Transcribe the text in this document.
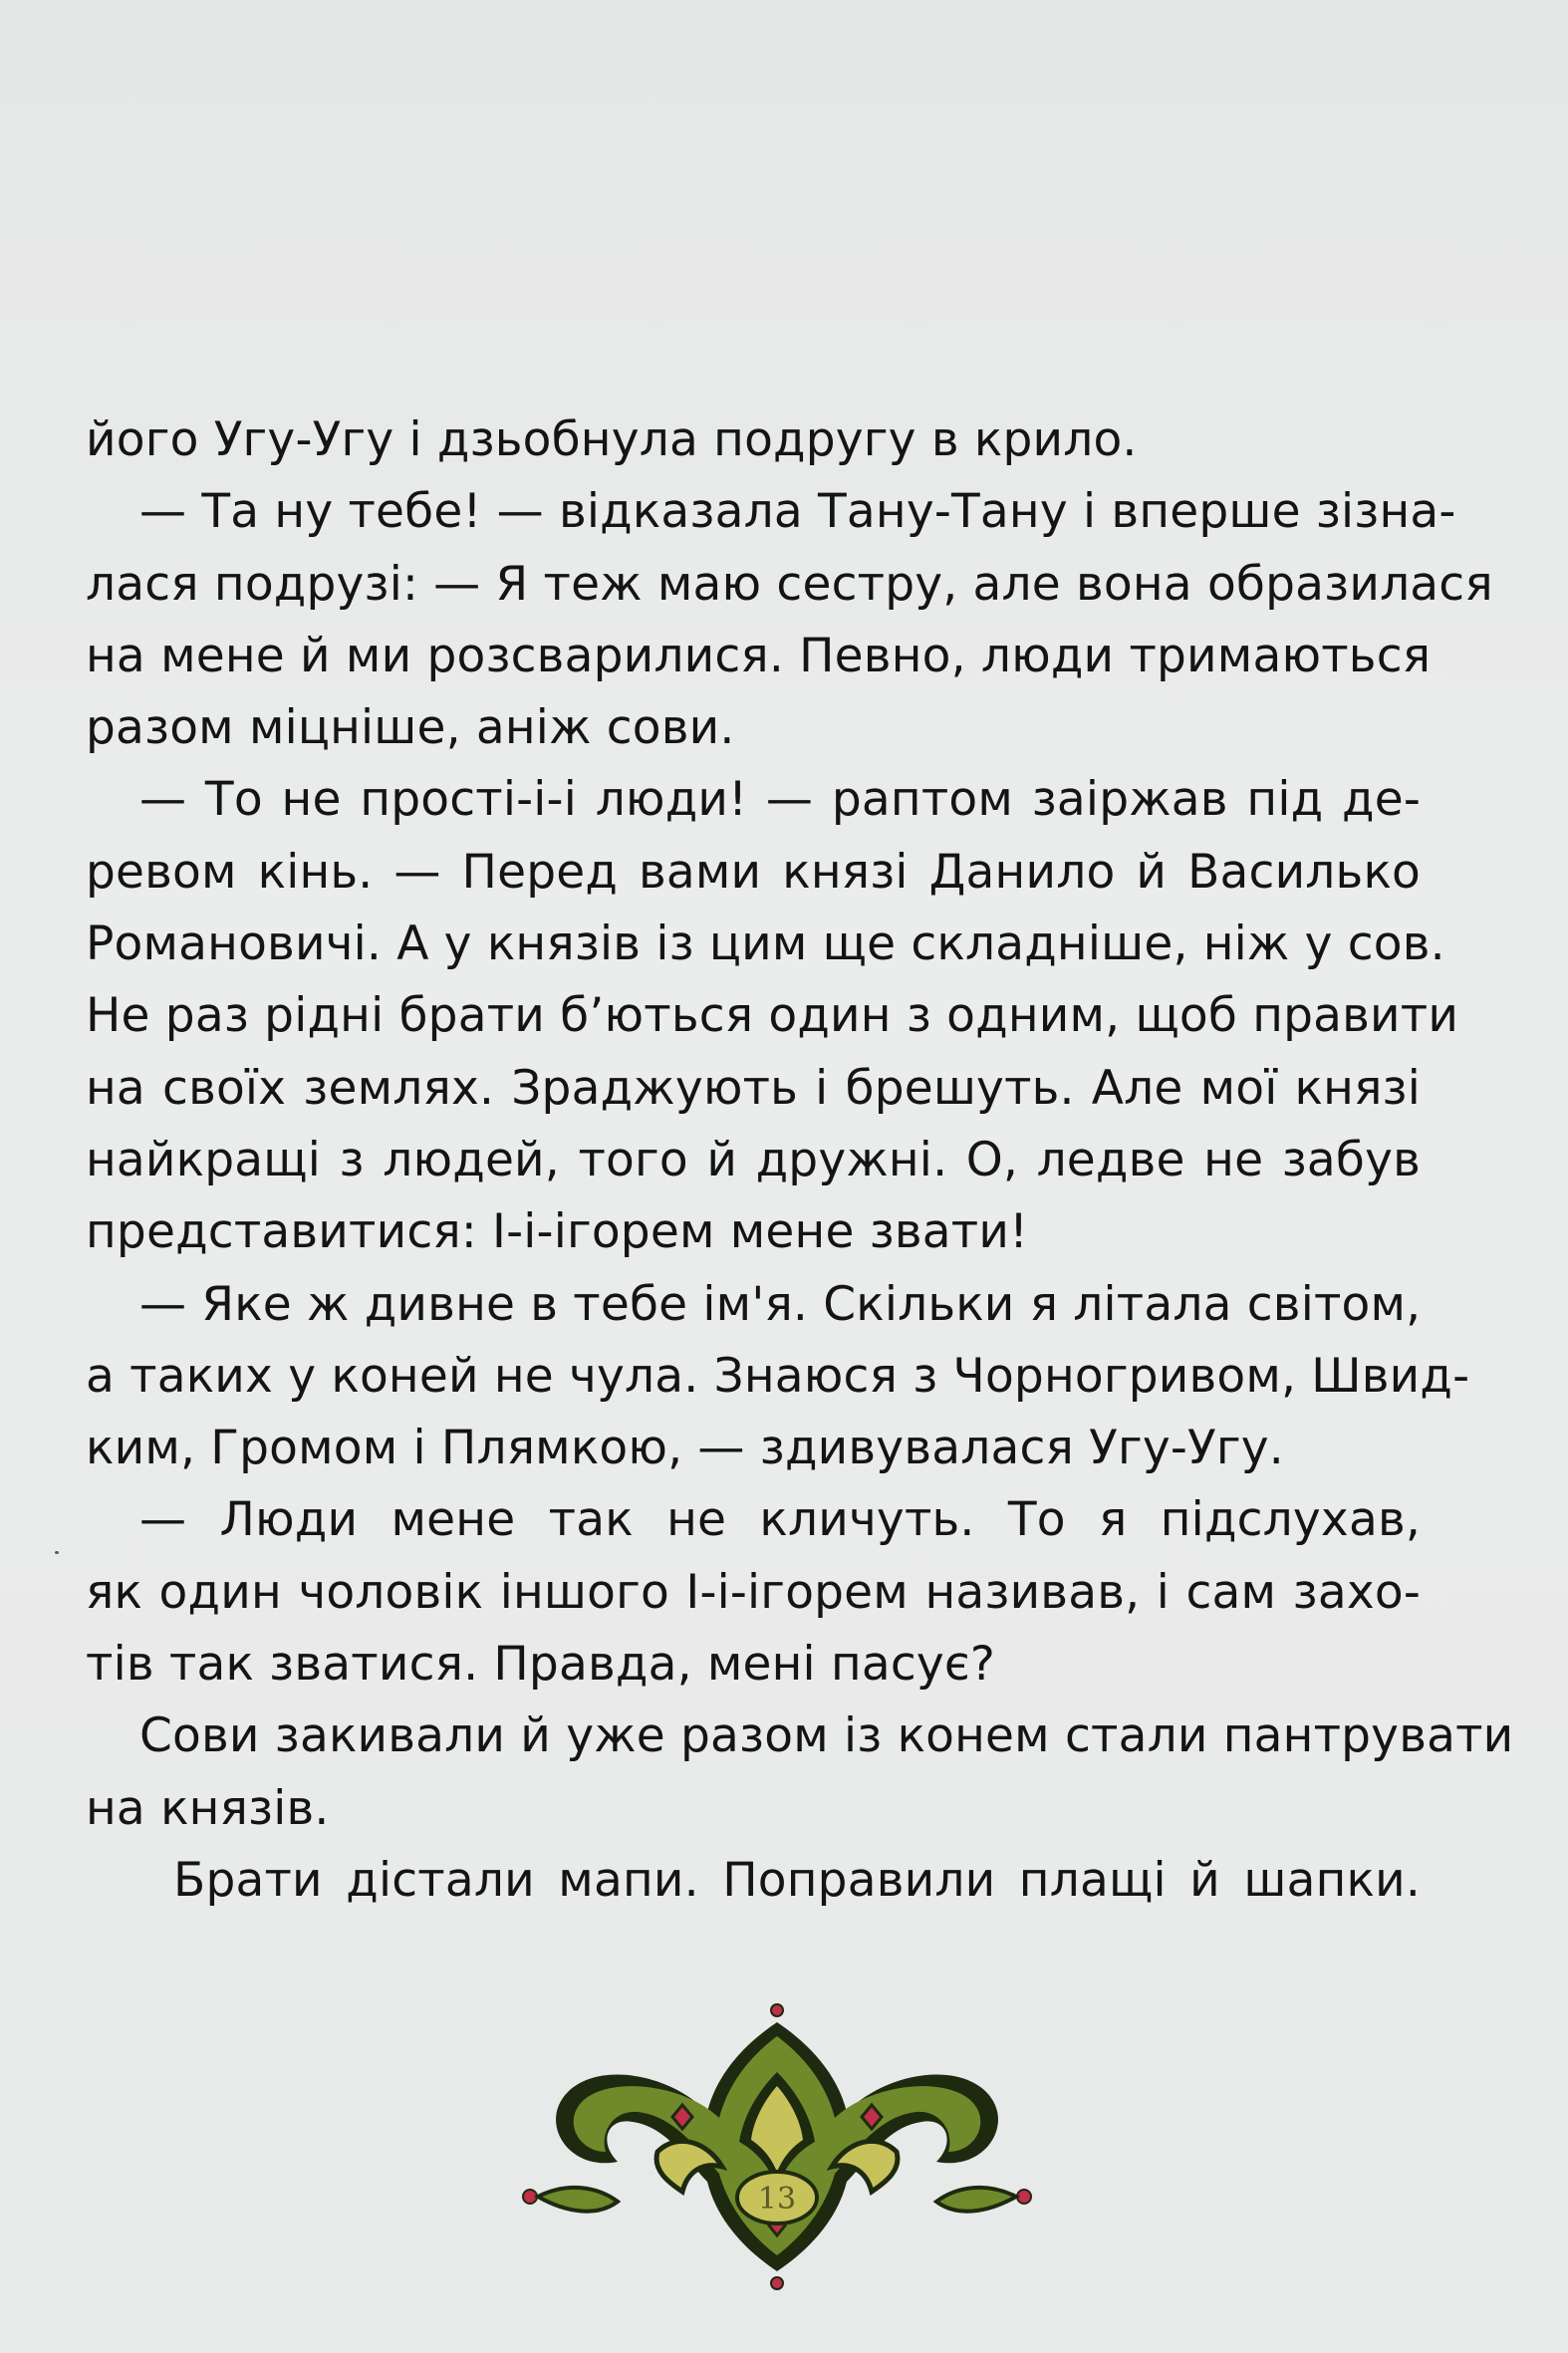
його Угу-Угу і дзьобнула подругу в крило.
— Та ну тебе! — відказала Тану-Тану і вперше зізна-
лася подрузі: — Я теж маю сестру, але вона образилася
на мене й ми розсварилися. Певно, люди тримаються
разом міцніше, аніж сови.
— То не прості-і-і люди! — раптом заіржав під де-
ревом кінь. — Перед вами князі Данило й Василько
Романовичі. А у князів із цим ще складніше, ніж у сов.
Не раз рідні брати б’ються один з одним, щоб правити
на своїх землях. Зраджують і брешуть. Але мої князі
найкращі з людей, того й дружні. О, ледве не забув
представитися: І-і-ігорем мене звати!
— Яке ж дивне в тебе ім'я. Скільки я літала світом,
а таких у коней не чула. Знаюся з Чорногривом, Швид-
ким, Громом і Плямкою, — здивувалася Угу-Угу.
— Люди мене так не кличуть. То я підслухав,
як один чоловік іншого І-і-ігорем називав, і сам захо-
тів так зватися. Правда, мені пасує?
Сови закивали й уже разом із конем стали пантрувати
на князів.
Брати дістали мапи. Поправили плащі й шапки.
13
